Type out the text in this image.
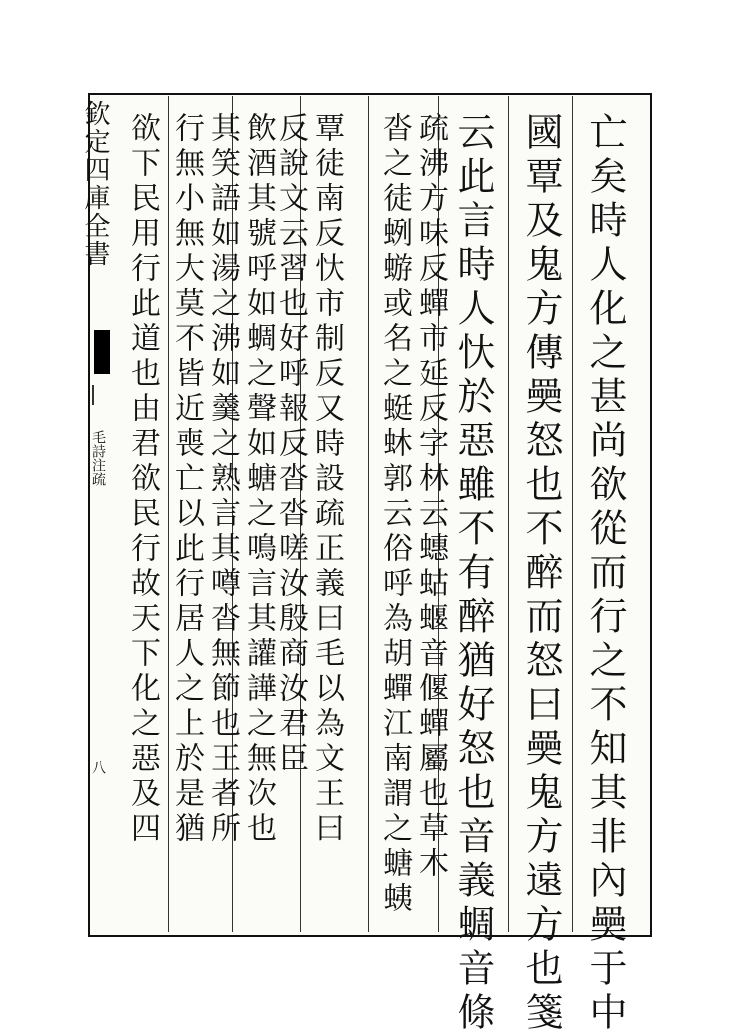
欽定四庫全書
毛詩注疏
八	亡矣時人化之甚尚欲從而行之不知其非內奰于中
國覃及鬼方傳奰怒也不醉而怒曰奰鬼方遠方也箋
云此言時人忕於惡雖不有醉猶好怒也音義蜩音條
疏沸方味反蟬市延反字林云蟪蛄蝘音偃蟬屬也草木
沓之徒蛚蝣或名之蜓蚞郭云俗呼為胡蟬江南謂之螗蛦
覃徒南反忕市制反又時設疏正義曰毛以為文王曰
反說文云習也好呼報反沓沓嗟汝殷商汝君臣
飲酒其號呼如蜩之聲如螗之鳴言其讙譁之無次也
其笑語如湯之沸如羹之熟言其噂沓無節也王者所
行無小無大莫不皆近喪亡以此行居人之上於是猶
欲下民用行此道也由君欲民行故天下化之惡及四
